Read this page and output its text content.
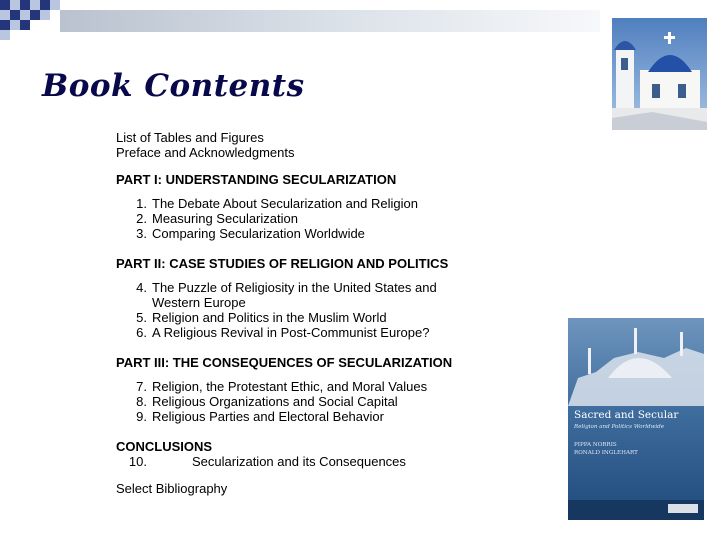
Book Contents

List of Tables and Figures

Preface and Acknowledgments

PART I: UNDERSTANDING SECULARIZATION

1. The Debate About Secularization and Religion
2. Measuring Secularization
3. Comparing Secularization Worldwide

PART II: CASE STUDIES OF RELIGION AND POLITICS

4. The Puzzle of Religiosity in the United States and

Western Europe

5. Religion and Politics in the Muslim World
6. A Religious Revival in Post-Communist Europe?

PART III: THE CONSEQUENCES OF SECULARIZATION

7. Religion, the Protestant Ethic, and Moral Values
8. Religious Organizations and Social Capital
9. Religious Parties and Electoral Behavior

CONCLUSIONS

10.	Secularization and its Consequences

Select Bibliography

Sacred and Secular
Religion and Politics Worldwide
PIPPA NORRIS
RONALD INGLEHART
